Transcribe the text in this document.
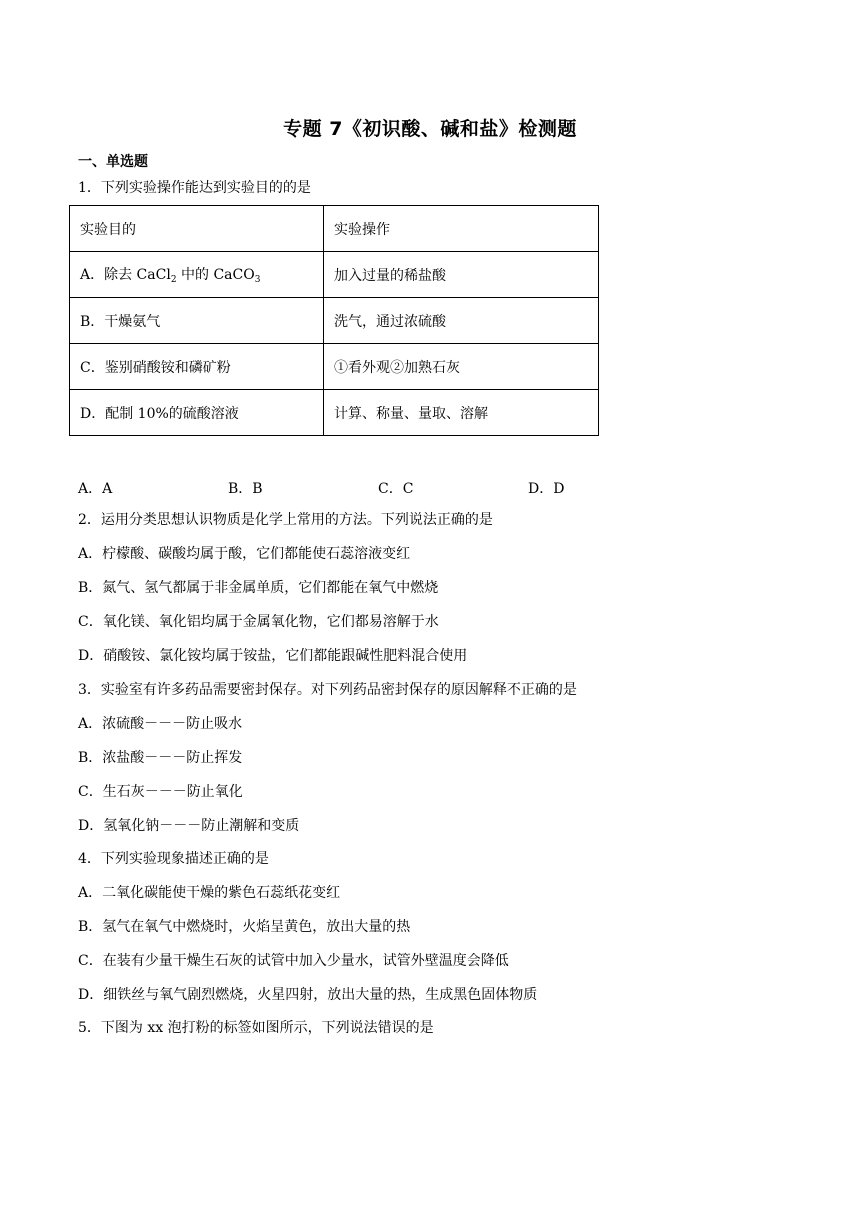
专题 7《初识酸、碱和盐》检测题
一、单选题
1．下列实验操作能达到实验目的的是
实验目的	实验操作
A．除去 CaCl$_2$ 中的 CaCO$_3$	加入过量的稀盐酸
B．干燥氨气	洗气，通过浓硫酸
C．鉴别硝酸铵和磷矿粉	①看外观②加熟石灰
D．配制 10%的硫酸溶液	计算、称量、量取、溶解
A．A	B．B	C．C	D．D
2．运用分类思想认识物质是化学上常用的方法。下列说法正确的是
A．柠檬酸、碳酸均属于酸，它们都能使石蕊溶液变红
B．氮气、氢气都属于非金属单质，它们都能在氧气中燃烧
C．氧化镁、氧化铝均属于金属氧化物，它们都易溶解于水
D．硝酸铵、氯化铵均属于铵盐，它们都能跟碱性肥料混合使用
3．实验室有许多药品需要密封保存。对下列药品密封保存的原因解释不正确的是
A．浓硫酸－－－防止吸水
B．浓盐酸－－－防止挥发
C．生石灰－－－防止氧化
D．氢氧化钠－－－防止潮解和变质
4．下列实验现象描述正确的是
A．二氧化碳能使干燥的紫色石蕊纸花变红
B．氢气在氧气中燃烧时，火焰呈黄色，放出大量的热
C．在装有少量干燥生石灰的试管中加入少量水，试管外壁温度会降低
D．细铁丝与氧气剧烈燃烧，火星四射，放出大量的热，生成黑色固体物质
5．下图为 xx 泡打粉的标签如图所示，下列说法错误的是
